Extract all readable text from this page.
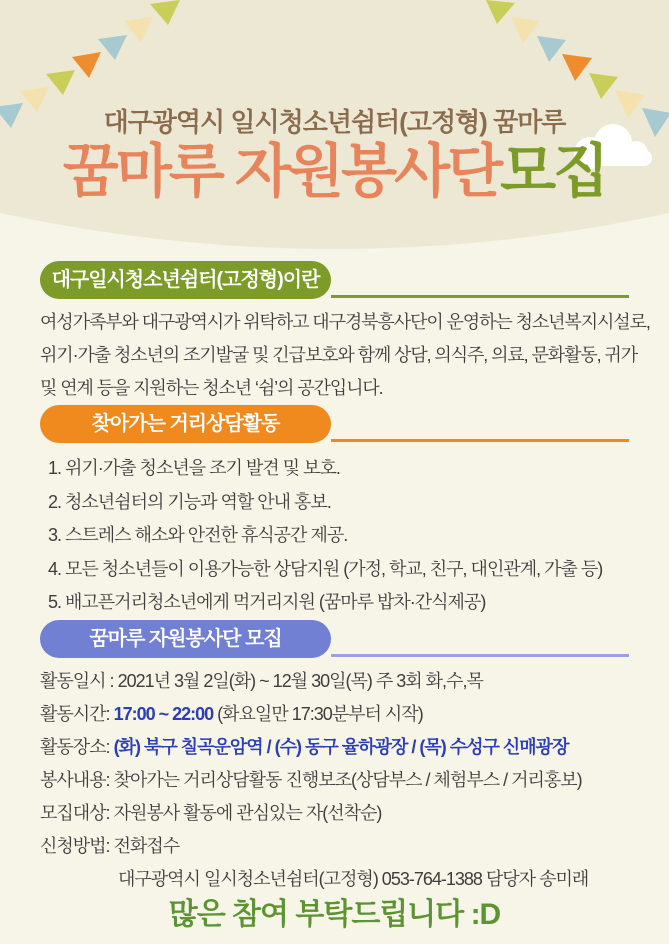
대구광역시 일시청소년쉼터(고정형) 꿈마루
꿈마루 자원봉사단모집
대구일시청소년쉼터(고정형)이란
여성가족부와 대구광역시가 위탁하고 대구경북흥사단이 운영하는 청소년복지시설로,
위기·가출 청소년의 조기발굴 및 긴급보호와 함께 상담, 의식주, 의료, 문화활동, 귀가
및 연계 등을 지원하는 청소년 ‘쉼’의 공간입니다.
찾아가는 거리상담활동
1. 위기·가출 청소년을 조기 발견 및 보호.
2. 청소년쉼터의 기능과 역할 안내 홍보.
3. 스트레스 해소와 안전한 휴식공간 제공.
4. 모든 청소년들이 이용가능한 상담지원 (가정, 학교, 친구, 대인관계, 가출 등)
5. 배고픈거리청소년에게 먹거리지원 (꿈마루 밥차·간식제공)
꿈마루 자원봉사단 모집
활동일시 : 2021년 3월 2일(화) ~ 12월 30일(목) 주 3회 화,수,목
활동시간: 17:00 ~ 22:00 (화요일만 17:30분부터 시작)
활동장소: (화) 북구 칠곡운암역 / (수) 동구 율하광장 / (목) 수성구 신매광장
봉사내용: 찾아가는 거리상담활동 진행보조(상담부스 / 체험부스 / 거리홍보)
모집대상: 자원봉사 활동에 관심있는 자(선착순)
신청방법: 전화접수
대구광역시 일시청소년쉼터(고정형) 053-764-1388 담당자 송미래
많은 참여 부탁드립니다 :D
